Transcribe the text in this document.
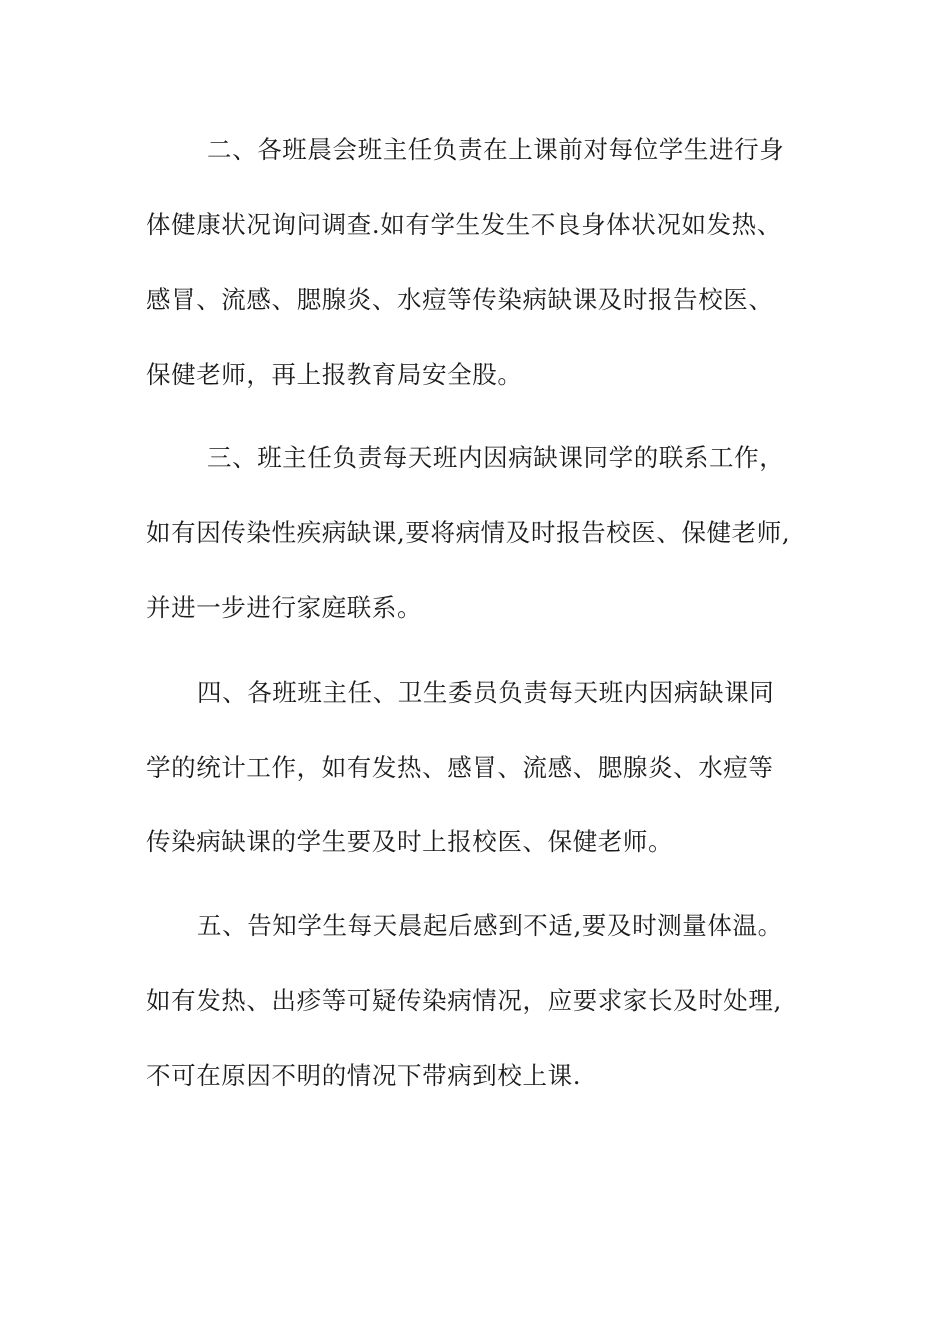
二、各班晨会班主任负责在上课前对每位学生进行身
体健康状况询问调查.如有学生发生不良身体状况如发热、
感冒、流感、腮腺炎、水痘等传染病缺课及时报告校医、
保健老师，再上报教育局安全股。
三、班主任负责每天班内因病缺课同学的联系工作，
如有因传染性疾病缺课,要将病情及时报告校医、保健老师,
并进一步进行家庭联系。
四、各班班主任、卫生委员负责每天班内因病缺课同
学的统计工作，如有发热、感冒、流感、腮腺炎、水痘等
传染病缺课的学生要及时上报校医、保健老师。
五、告知学生每天晨起后感到不适,要及时测量体温。
如有发热、出疹等可疑传染病情况，应要求家长及时处理,
不可在原因不明的情况下带病到校上课.
